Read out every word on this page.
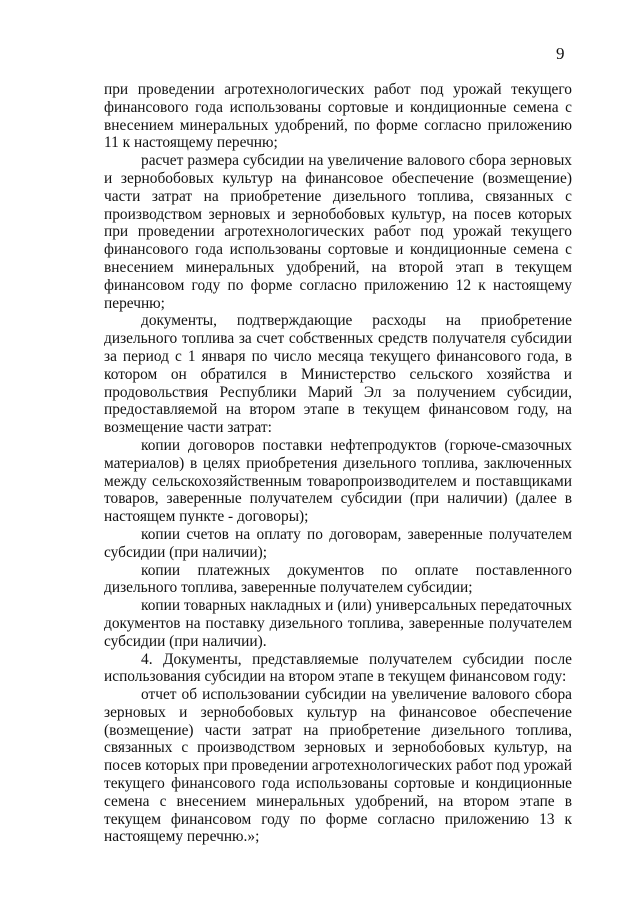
9

при проведении агротехнологических работ под урожай текущего финансового года использованы сортовые и кондиционные семена с внесением минеральных удобрений, по форме согласно приложению 11 к настоящему перечню;

расчет размера субсидии на увеличение валового сбора зерновых и зернобобовых культур на финансовое обеспечение (возмещение) части затрат на приобретение дизельного топлива, связанных с производством зерновых и зернобобовых культур, на посев которых при проведении агротехнологических работ под урожай текущего финансового года использованы сортовые и кондиционные семена с внесением минеральных удобрений, на второй этап в текущем финансовом году по форме согласно приложению 12 к настоящему перечню;

документы, подтверждающие расходы на приобретение дизельного топлива за счет собственных средств получателя субсидии за период с 1 января по число месяца текущего финансового года, в котором он обратился в Министерство сельского хозяйства и продовольствия Республики Марий Эл за получением субсидии, предоставляемой на втором этапе в текущем финансовом году, на возмещение части затрат:

копии договоров поставки нефтепродуктов (горюче-смазочных материалов) в целях приобретения дизельного топлива, заключенных между сельскохозяйственным товаропроизводителем и поставщиками товаров, заверенные получателем субсидии (при наличии) (далее в настоящем пункте - договоры);

копии счетов на оплату по договорам, заверенные получателем субсидии (при наличии);

копии платежных документов по оплате поставленного дизельного топлива, заверенные получателем субсидии;

копии товарных накладных и (или) универсальных передаточных документов на поставку дизельного топлива, заверенные получателем субсидии (при наличии).

4. Документы, представляемые получателем субсидии после использования субсидии на втором этапе в текущем финансовом году:

отчет об использовании субсидии на увеличение валового сбора зерновых и зернобобовых культур на финансовое обеспечение (возмещение) части затрат на приобретение дизельного топлива, связанных с производством зерновых и зернобобовых культур, на посев которых при проведении агротехнологических работ под урожай текущего финансового года использованы сортовые и кондиционные семена с внесением минеральных удобрений, на втором этапе в текущем финансовом году по форме согласно приложению 13 к настоящему перечню.»;
